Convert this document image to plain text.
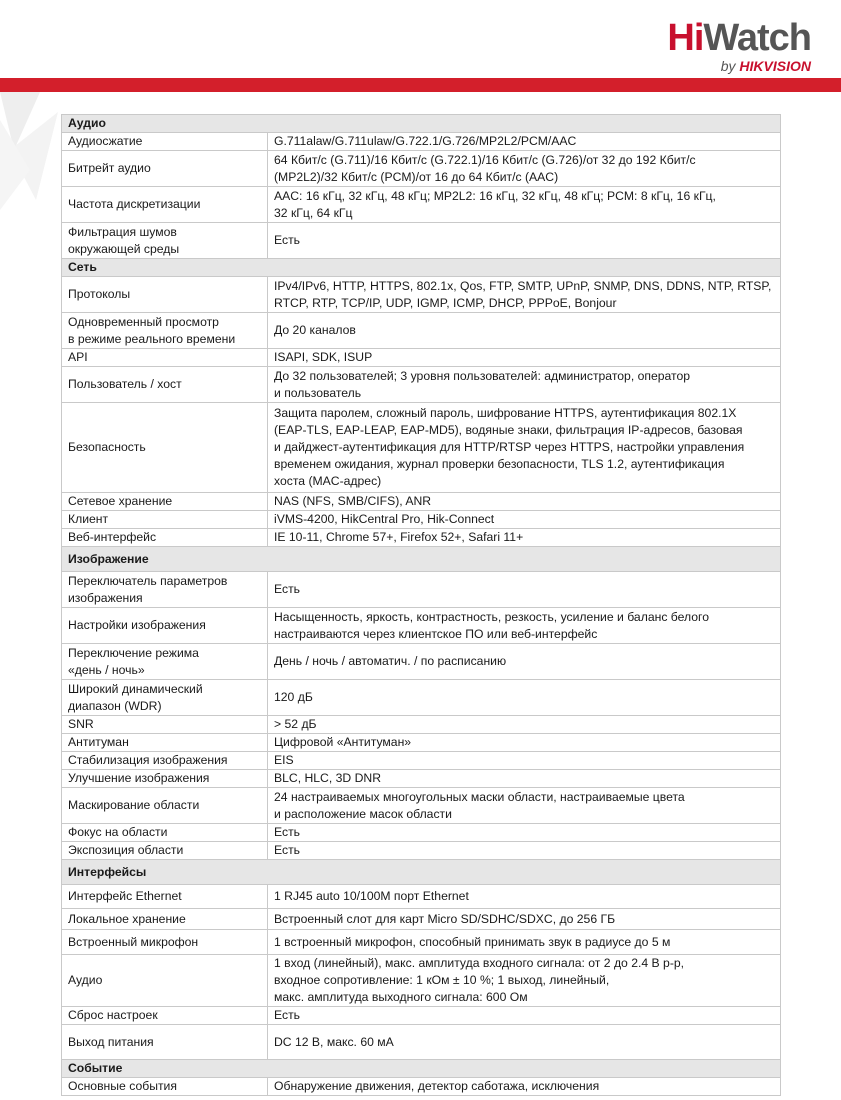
HiWatch
by HIKVISION
Аудио	
Аудиосжатие	G.711alaw/G.711ulaw/G.722.1/G.726/MP2L2/PCM/AAC

Битрейт аудио	64 Кбит/с (G.711)/16 Кбит/с (G.722.1)/16 Кбит/с (G.726)/от 32 до 192 Кбит/с
(MP2L2)/32 Кбит/с (PCM)/от 16 до 64 Кбит/с (AAC)

Частота дискретизации	AAC: 16 кГц, 32 кГц, 48 кГц; MP2L2: 16 кГц, 32 кГц, 48 кГц; PCM: 8 кГц, 16 кГц,
32 кГц, 64 кГц

Фильтрация шумов
окружающей среды	Есть

Сеть	
Протоколы	IPv4/IPv6, HTTP, HTTPS, 802.1x, Qos, FTP, SMTP, UPnP, SNMP, DNS, DDNS, NTP, RTSP,
RTCP, RTP, TCP/IP, UDP, IGMP, ICMP, DHCP, PPPoE, Bonjour

Одновременный просмотр
в режиме реального времени	До 20 каналов

API	ISAPI, SDK, ISUP

Пользователь / хост	До 32 пользователей; 3 уровня пользователей: администратор, оператор
и пользователь

Безопасность	Защита паролем, сложный пароль, шифрование HTTPS, аутентификация 802.1X
(EAP-TLS, EAP-LEAP, EAP-MD5), водяные знаки, фильтрация IP-адресов, базовая
и дайджест-аутентификация для HTTP/RTSP через HTTPS, настройки управления
временем ожидания, журнал проверки безопасности, TLS 1.2, аутентификация
хоста (MAC-адрес)

Сетевое хранение	NAS (NFS, SMB/CIFS), ANR

Клиент	iVMS-4200, HikCentral Pro, Hik-Connect

Веб-интерфейс	IE 10-11, Chrome 57+, Firefox 52+, Safari 11+

Изображение	

Переключатель параметров
изображения	Есть

Настройки изображения	Насыщенность, яркость, контрастность, резкость, усиление и баланс белого
настраиваются через клиентское ПО или веб-интерфейс

Переключение режима
«день / ночь»	День / ночь / автоматич. / по расписанию

Широкий динамический
диапазон (WDR)	120 дБ

SNR	> 52 дБ

Антитуман	Цифровой «Антитуман»

Стабилизация изображения	EIS

Улучшение изображения	BLC, HLC, 3D DNR

Маскирование области	24 настраиваемых многоугольных маски области, настраиваемые цвета
и расположение масок области

Фокус на области	Есть

Экспозиция области	Есть

Интерфейсы	
Интерфейс Ethernet	1 RJ45 auto 10/100M порт Ethernet

Локальное хранение	Встроенный слот для карт Micro SD/SDHC/SDXC, до 256 ГБ

Встроенный микрофон	1 встроенный микрофон, способный принимать звук в радиусе до 5 м

Аудио	1 вход (линейный), макс. амплитуда входного сигнала: от 2 до 2.4 В р-р,
входное сопротивление: 1 кОм ± 10 %; 1 выход, линейный,
макс. амплитуда выходного сигнала: 600 Ом

Сброс настроек	Есть

Выход питания	DC 12 В, макс. 60 мА

Событие	
Основные события	Обнаружение движения, детектор саботажа, исключения
